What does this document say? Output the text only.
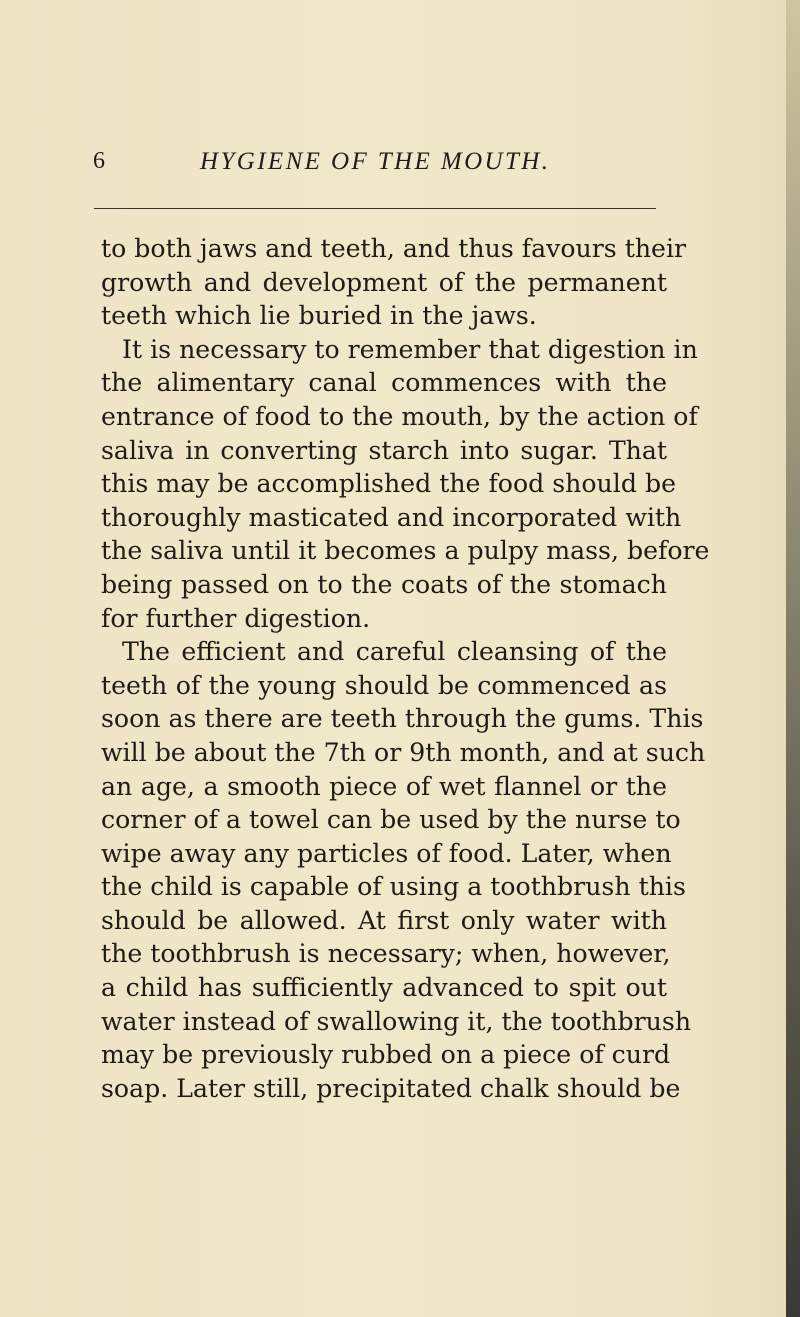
6	HYGIENE OF THE MOUTH.
to both jaws and teeth, and thus favours their
growth and development of the permanent
teeth which lie buried in the jaws.
It is necessary to remember that digestion in
the alimentary canal commences with the
entrance of food to the mouth, by the action of
saliva in converting starch into sugar. That
this may be accomplished the food should be
thoroughly masticated and incorporated with
the saliva until it becomes a pulpy mass, before
being passed on to the coats of the stomach
for further digestion.
The efficient and careful cleansing of the
teeth of the young should be commenced as
soon as there are teeth through the gums. This
will be about the 7th or 9th month, and at such
an age, a smooth piece of wet flannel or the
corner of a towel can be used by the nurse to
wipe away any particles of food. Later, when
the child is capable of using a toothbrush this
should be allowed. At first only water with
the toothbrush is necessary; when, however,
a child has sufficiently advanced to spit out
water instead of swallowing it, the toothbrush
may be previously rubbed on a piece of curd
soap. Later still, precipitated chalk should be
